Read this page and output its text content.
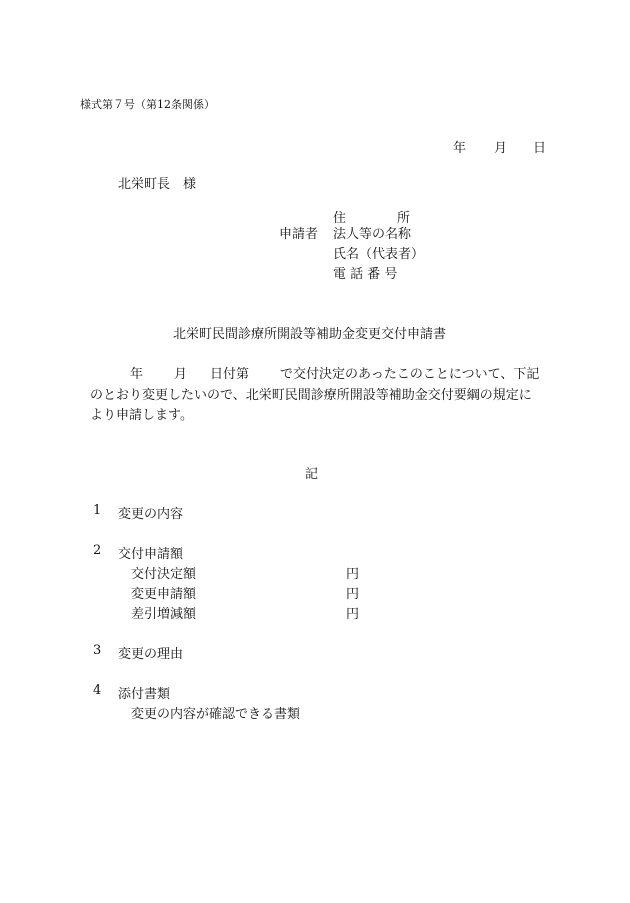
様式第７号（第12条関係）
年 月 日
北栄町長　様
申請者
住	所
法人等の名称
氏名（代表者）
電 話 番 号
北栄町民間診療所開設等補助金変更交付申請書
年 月 日付第 で交付決定のあったこのことについて、下記
のとおり変更したいので、北栄町民間診療所開設等補助金交付要綱の規定に
より申請します。
記
1 変更の内容
2 交付申請額
交付決定額	円
変更申請額	円
差引増減額	円
3 変更の理由
4 添付書類
変更の内容が確認できる書類
